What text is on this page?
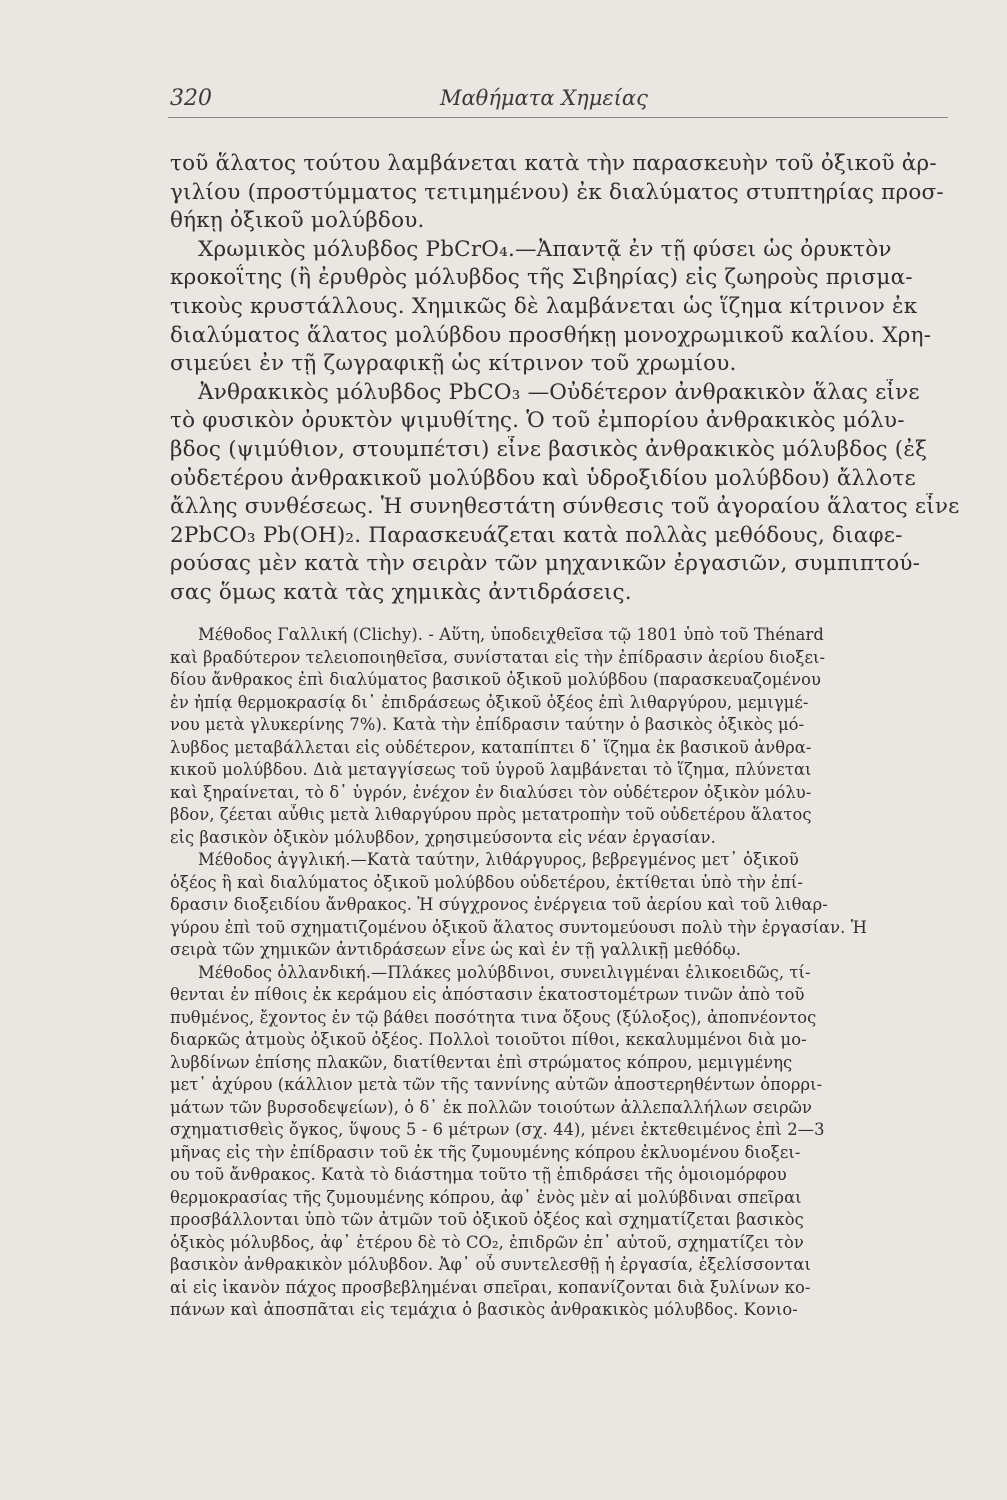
320	Μαθήματα Χημείας
τοῦ ἅλατος τούτου λαμβάνεται κατὰ τὴν παρασκευὴν τοῦ ὀξικοῦ ἀρ-
γιλίου (προστύμματος τετιμημένου) ἐκ διαλύματος στυπτηρίας προσ-
θήκῃ ὀξικοῦ μολύβδου.
Χρωμικὸς μόλυβδος PbCrO₄.—Ἀπαντᾷ ἐν τῇ φύσει ὡς ὀρυκτὸν
κροκοΐτης (ἢ ἐρυθρὸς μόλυβδος τῆς Σιβηρίας) εἰς ζωηροὺς πρισμα-
τικοὺς κρυστάλλους. Χημικῶς δὲ λαμβάνεται ὡς ἵζημα κίτρινον ἐκ
διαλύματος ἅλατος μολύβδου προσθήκῃ μονοχρωμικοῦ καλίου. Χρη-
σιμεύει ἐν τῇ ζωγραφικῇ ὡς κίτρινον τοῦ χρωμίου.
Ἀνθρακικὸς μόλυβδος PbCO₃ —Οὐδέτερον ἀνθρακικὸν ἅλας εἶνε
τὸ φυσικὸν ὀρυκτὸν ψιμυθίτης. Ὁ τοῦ ἐμπορίου ἀνθρακικὸς μόλυ-
βδος (ψιμύθιον, στουμπέτσι) εἶνε βασικὸς ἀνθρακικὸς μόλυβδος (ἐξ
οὐδετέρου ἀνθρακικοῦ μολύβδου καὶ ὑδροξιδίου μολύβδου) ἄλλοτε
ἄλλης συνθέσεως. Ἡ συνηθεστάτη σύνθεσις τοῦ ἀγοραίου ἅλατος εἶνε
2PbCO₃ Pb(OH)₂. Παρασκευάζεται κατὰ πολλὰς μεθόδους, διαφε-
ρούσας μὲν κατὰ τὴν σειρὰν τῶν μηχανικῶν ἐργασιῶν, συμπιπτού-
σας ὅμως κατὰ τὰς χημικὰς ἀντιδράσεις.
Μέθοδος Γαλλική (Clichy). - Αὕτη, ὑποδειχθεῖσα τῷ 1801 ὑπὸ τοῦ Thénard
καὶ βραδύτερον τελειοποιηθεῖσα, συνίσταται εἰς τὴν ἐπίδρασιν ἀερίου διοξει-
δίου ἄνθρακος ἐπὶ διαλύματος βασικοῦ ὀξικοῦ μολύβδου (παρασκευαζομένου
ἐν ἠπίᾳ θερμοκρασίᾳ δι᾽ ἐπιδράσεως ὀξικοῦ ὀξέος ἐπὶ λιθαργύρου, μεμιγμέ-
νου μετὰ γλυκερίνης 7%). Κατὰ τὴν ἐπίδρασιν ταύτην ὁ βασικὸς ὀξικὸς μό-
λυβδος μεταβάλλεται εἰς οὐδέτερον, καταπίπτει δ᾽ ἵζημα ἐκ βασικοῦ ἀνθρα-
κικοῦ μολύβδου. Διὰ μεταγγίσεως τοῦ ὑγροῦ λαμβάνεται τὸ ἵζημα, πλύνεται
καὶ ξηραίνεται, τὸ δ᾽ ὑγρόν, ἐνέχον ἐν διαλύσει τὸν οὐδέτερον ὀξικὸν μόλυ-
βδον, ζέεται αὖθις μετὰ λιθαργύρου πρὸς μετατροπὴν τοῦ οὐδετέρου ἅλατος
εἰς βασικὸν ὀξικὸν μόλυβδον, χρησιμεύσοντα εἰς νέαν ἐργασίαν.
Μέθοδος ἀγγλική.—Κατὰ ταύτην, λιθάργυρος, βεβρεγμένος μετ᾽ ὀξικοῦ
ὀξέος ἢ καὶ διαλύματος ὀξικοῦ μολύβδου οὐδετέρου, ἐκτίθεται ὑπὸ τὴν ἐπί-
δρασιν διοξειδίου ἄνθρακος. Ἡ σύγχρονος ἐνέργεια τοῦ ἀερίου καὶ τοῦ λιθαρ-
γύρου ἐπὶ τοῦ σχηματιζομένου ὀξικοῦ ἅλατος συντομεύουσι πολὺ τὴν ἐργασίαν. Ἡ
σειρὰ τῶν χημικῶν ἀντιδράσεων εἶνε ὡς καὶ ἐν τῇ γαλλικῇ μεθόδῳ.
Μέθοδος ὁλλανδική.—Πλάκες μολύβδινοι, συνειλιγμέναι ἑλικοειδῶς, τί-
θενται ἐν πίθοις ἐκ κεράμου εἰς ἀπόστασιν ἑκατοστομέτρων τινῶν ἀπὸ τοῦ
πυθμένος, ἔχοντος ἐν τῷ βάθει ποσότητα τινα ὄξους (ξύλοξος), ἀποπνέοντος
διαρκῶς ἀτμοὺς ὀξικοῦ ὀξέος. Πολλοὶ τοιοῦτοι πίθοι, κεκαλυμμένοι διὰ μο-
λυβδίνων ἐπίσης πλακῶν, διατίθενται ἐπὶ στρώματος κόπρου, μεμιγμένης
μετ᾽ ἀχύρου (κάλλιον μετὰ τῶν τῆς ταννίνης αὐτῶν ἀποστερηθέντων ὁπορρι-
μάτων τῶν βυρσοδεψείων), ὁ δ᾽ ἐκ πολλῶν τοιούτων ἀλλεπαλλήλων σειρῶν
σχηματισθεὶς ὄγκος, ὕψους 5 - 6 μέτρων (σχ. 44), μένει ἐκτεθειμένος ἐπὶ 2—3
μῆνας εἰς τὴν ἐπίδρασιν τοῦ ἐκ τῆς ζυμουμένης κόπρου ἐκλυομένου διοξει-
ου τοῦ ἄνθρακος. Κατὰ τὸ διάστημα τοῦτο τῇ ἐπιδράσει τῆς ὁμοιομόρφου
θερμοκρασίας τῆς ζυμουμένης κόπρου, ἀφ᾽ ἑνὸς μὲν αἱ μολύβδιναι σπεῖραι
προσβάλλονται ὑπὸ τῶν ἀτμῶν τοῦ ὀξικοῦ ὀξέος καὶ σχηματίζεται βασικὸς
ὀξικὸς μόλυβδος, ἀφ᾽ ἑτέρου δὲ τὸ CO₂, ἐπιδρῶν ἐπ᾽ αὐτοῦ, σχηματίζει τὸν
βασικὸν ἀνθρακικὸν μόλυβδον. Ἀφ᾽ οὗ συντελεσθῇ ἡ ἐργασία, ἐξελίσσονται
αἱ εἰς ἱκανὸν πάχος προσβεβλημέναι σπεῖραι, κοπανίζονται διὰ ξυλίνων κο-
πάνων καὶ ἀποσπᾶται εἰς τεμάχια ὁ βασικὸς ἀνθρακικὸς μόλυβδος. Κονιο-
